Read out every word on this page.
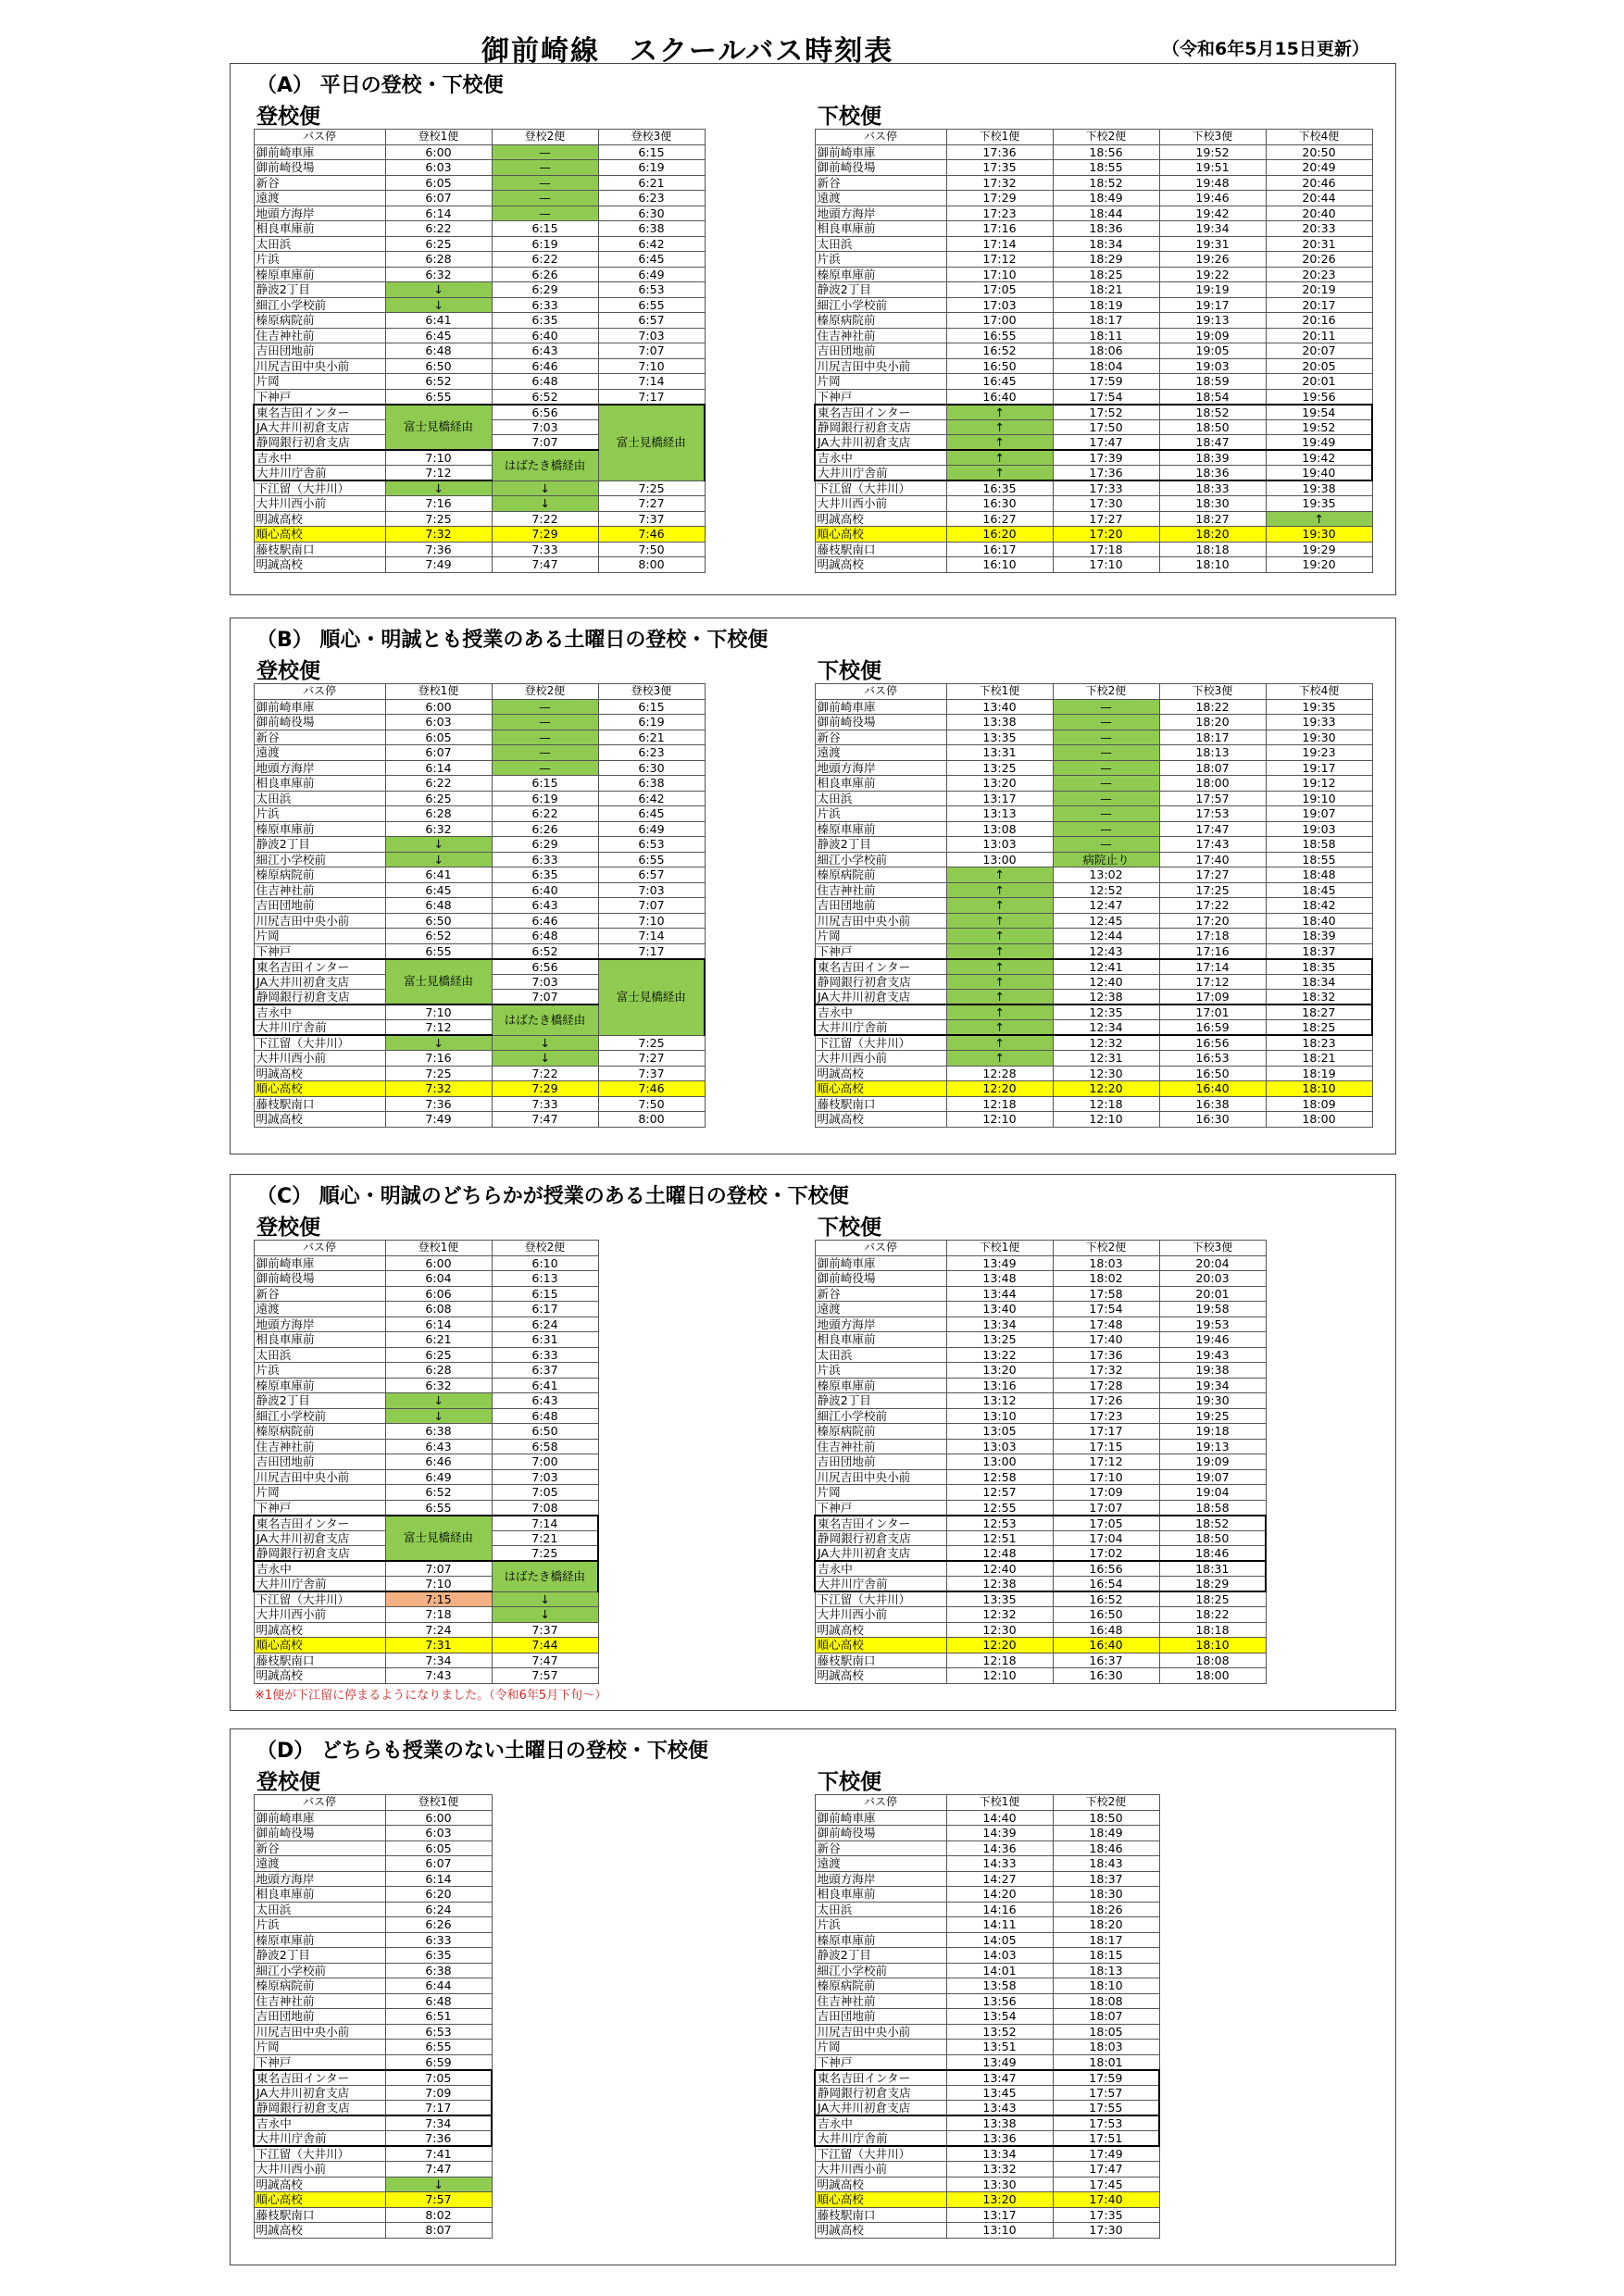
御前崎線　スクールバス時刻表	（令和6年5月15日更新）
（A） 平日の登校・下校便
登校便	下校便
バス停	登校1便	登校2便	登校3便
御前崎車庫	6:00	—	6:15
御前崎役場	6:03	—	6:19
新谷	6:05	—	6:21
遠渡	6:07	—	6:23
地頭方海岸	6:14	—	6:30
相良車庫前	6:22	6:15	6:38
太田浜	6:25	6:19	6:42
片浜	6:28	6:22	6:45
榛原車庫前	6:32	6:26	6:49
静波2丁目	↓	6:29	6:53
細江小学校前	↓	6:33	6:55
榛原病院前	6:41	6:35	6:57
住吉神社前	6:45	6:40	7:03
吉田団地前	6:48	6:43	7:07
川尻吉田中央小前	6:50	6:46	7:10
片岡	6:52	6:48	7:14
下神戸	6:55	6:52	7:17
東名吉田インター	富士見橋経由	6:56	富士見橋経由
JA大井川初倉支店		7:03	
静岡銀行初倉支店		7:07	
吉永中	7:10	はばたき橋経由	
大井川庁舎前	7:12		
下江留（大井川）	↓	↓	7:25
大井川西小前	7:16	↓	7:27
明誠高校	7:25	7:22	7:37
順心高校	7:32	7:29	7:46
藤枝駅南口	7:36	7:33	7:50
明誠高校	7:49	7:47	8:00
バス停	下校1便	下校2便	下校3便	下校4便
御前崎車庫	17:36	18:56	19:52	20:50
御前崎役場	17:35	18:55	19:51	20:49
新谷	17:32	18:52	19:48	20:46
遠渡	17:29	18:49	19:46	20:44
地頭方海岸	17:23	18:44	19:42	20:40
相良車庫前	17:16	18:36	19:34	20:33
太田浜	17:14	18:34	19:31	20:31
片浜	17:12	18:29	19:26	20:26
榛原車庫前	17:10	18:25	19:22	20:23
静波2丁目	17:05	18:21	19:19	20:19
細江小学校前	17:03	18:19	19:17	20:17
榛原病院前	17:00	18:17	19:13	20:16
住吉神社前	16:55	18:11	19:09	20:11
吉田団地前	16:52	18:06	19:05	20:07
川尻吉田中央小前	16:50	18:04	19:03	20:05
片岡	16:45	17:59	18:59	20:01
下神戸	16:40	17:54	18:54	19:56
東名吉田インター	↑	17:52	18:52	19:54
静岡銀行初倉支店	↑	17:50	18:50	19:52
JA大井川初倉支店	↑	17:47	18:47	19:49
吉永中	↑	17:39	18:39	19:42
大井川庁舎前	↑	17:36	18:36	19:40
下江留（大井川）	16:35	17:33	18:33	19:38
大井川西小前	16:30	17:30	18:30	19:35
明誠高校	16:27	17:27	18:27	↑
順心高校	16:20	17:20	18:20	19:30
藤枝駅南口	16:17	17:18	18:18	19:29
明誠高校	16:10	17:10	18:10	19:20
（B） 順心・明誠とも授業のある土曜日の登校・下校便
登校便	下校便
バス停	登校1便	登校2便	登校3便
御前崎車庫	6:00	—	6:15
御前崎役場	6:03	—	6:19
新谷	6:05	—	6:21
遠渡	6:07	—	6:23
地頭方海岸	6:14	—	6:30
相良車庫前	6:22	6:15	6:38
太田浜	6:25	6:19	6:42
片浜	6:28	6:22	6:45
榛原車庫前	6:32	6:26	6:49
静波2丁目	↓	6:29	6:53
細江小学校前	↓	6:33	6:55
榛原病院前	6:41	6:35	6:57
住吉神社前	6:45	6:40	7:03
吉田団地前	6:48	6:43	7:07
川尻吉田中央小前	6:50	6:46	7:10
片岡	6:52	6:48	7:14
下神戸	6:55	6:52	7:17
東名吉田インター	富士見橋経由	6:56	富士見橋経由
JA大井川初倉支店		7:03	
静岡銀行初倉支店		7:07	
吉永中	7:10	はばたき橋経由	
大井川庁舎前	7:12		
下江留（大井川）	↓	↓	7:25
大井川西小前	7:16	↓	7:27
明誠高校	7:25	7:22	7:37
順心高校	7:32	7:29	7:46
藤枝駅南口	7:36	7:33	7:50
明誠高校	7:49	7:47	8:00
バス停	下校1便	下校2便	下校3便	下校4便
御前崎車庫	13:40	—	18:22	19:35
御前崎役場	13:38	—	18:20	19:33
新谷	13:35	—	18:17	19:30
遠渡	13:31	—	18:13	19:23
地頭方海岸	13:25	—	18:07	19:17
相良車庫前	13:20	—	18:00	19:12
太田浜	13:17	—	17:57	19:10
片浜	13:13	—	17:53	19:07
榛原車庫前	13:08	—	17:47	19:03
静波2丁目	13:03	—	17:43	18:58
細江小学校前	13:00	病院止り	17:40	18:55
榛原病院前	↑	13:02	17:27	18:48
住吉神社前	↑	12:52	17:25	18:45
吉田団地前	↑	12:47	17:22	18:42
川尻吉田中央小前	↑	12:45	17:20	18:40
片岡	↑	12:44	17:18	18:39
下神戸	↑	12:43	17:16	18:37
東名吉田インター	↑	12:41	17:14	18:35
静岡銀行初倉支店	↑	12:40	17:12	18:34
JA大井川初倉支店	↑	12:38	17:09	18:32
吉永中	↑	12:35	17:01	18:27
大井川庁舎前	↑	12:34	16:59	18:25
下江留（大井川）	↑	12:32	16:56	18:23
大井川西小前	↑	12:31	16:53	18:21
明誠高校	12:28	12:30	16:50	18:19
順心高校	12:20	12:20	16:40	18:10
藤枝駅南口	12:18	12:18	16:38	18:09
明誠高校	12:10	12:10	16:30	18:00
（C） 順心・明誠のどちらかが授業のある土曜日の登校・下校便
登校便	下校便
バス停	登校1便	登校2便
御前崎車庫	6:00	6:10
御前崎役場	6:04	6:13
新谷	6:06	6:15
遠渡	6:08	6:17
地頭方海岸	6:14	6:24
相良車庫前	6:21	6:31
太田浜	6:25	6:33
片浜	6:28	6:37
榛原車庫前	6:32	6:41
静波2丁目	↓	6:43
細江小学校前	↓	6:48
榛原病院前	6:38	6:50
住吉神社前	6:43	6:58
吉田団地前	6:46	7:00
川尻吉田中央小前	6:49	7:03
片岡	6:52	7:05
下神戸	6:55	7:08
東名吉田インター	富士見橋経由	7:14
JA大井川初倉支店		7:21
静岡銀行初倉支店		7:25
吉永中	7:07	はばたき橋経由
大井川庁舎前	7:10	
下江留（大井川）	7:15	↓
大井川西小前	7:18	↓
明誠高校	7:24	7:37
順心高校	7:31	7:44
藤枝駅南口	7:34	7:47
明誠高校	7:43	7:57
バス停	下校1便	下校2便	下校3便
御前崎車庫	13:49	18:03	20:04
御前崎役場	13:48	18:02	20:03
新谷	13:44	17:58	20:01
遠渡	13:40	17:54	19:58
地頭方海岸	13:34	17:48	19:53
相良車庫前	13:25	17:40	19:46
太田浜	13:22	17:36	19:43
片浜	13:20	17:32	19:38
榛原車庫前	13:16	17:28	19:34
静波2丁目	13:12	17:26	19:30
細江小学校前	13:10	17:23	19:25
榛原病院前	13:05	17:17	19:18
住吉神社前	13:03	17:15	19:13
吉田団地前	13:00	17:12	19:09
川尻吉田中央小前	12:58	17:10	19:07
片岡	12:57	17:09	19:04
下神戸	12:55	17:07	18:58
東名吉田インター	12:53	17:05	18:52
静岡銀行初倉支店	12:51	17:04	18:50
JA大井川初倉支店	12:48	17:02	18:46
吉永中	12:40	16:56	18:31
大井川庁舎前	12:38	16:54	18:29
下江留（大井川）	13:35	16:52	18:25
大井川西小前	12:32	16:50	18:22
明誠高校	12:30	16:48	18:18
順心高校	12:20	16:40	18:10
藤枝駅南口	12:18	16:37	18:08
明誠高校	12:10	16:30	18:00
※1便が下江留に停まるようになりました。（令和6年5月下旬～）
（D） どちらも授業のない土曜日の登校・下校便
登校便	下校便
バス停	登校1便
御前崎車庫	6:00
御前崎役場	6:03
新谷	6:05
遠渡	6:07
地頭方海岸	6:14
相良車庫前	6:20
太田浜	6:24
片浜	6:26
榛原車庫前	6:33
静波2丁目	6:35
細江小学校前	6:38
榛原病院前	6:44
住吉神社前	6:48
吉田団地前	6:51
川尻吉田中央小前	6:53
片岡	6:55
下神戸	6:59
東名吉田インター	7:05
JA大井川初倉支店	7:09
静岡銀行初倉支店	7:17
吉永中	7:34
大井川庁舎前	7:36
下江留（大井川）	7:41
大井川西小前	7:47
明誠高校	↓
順心高校	7:57
藤枝駅南口	8:02
明誠高校	8:07
バス停	下校1便	下校2便
御前崎車庫	14:40	18:50
御前崎役場	14:39	18:49
新谷	14:36	18:46
遠渡	14:33	18:43
地頭方海岸	14:27	18:37
相良車庫前	14:20	18:30
太田浜	14:16	18:26
片浜	14:11	18:20
榛原車庫前	14:05	18:17
静波2丁目	14:03	18:15
細江小学校前	14:01	18:13
榛原病院前	13:58	18:10
住吉神社前	13:56	18:08
吉田団地前	13:54	18:07
川尻吉田中央小前	13:52	18:05
片岡	13:51	18:03
下神戸	13:49	18:01
東名吉田インター	13:47	17:59
静岡銀行初倉支店	13:45	17:57
JA大井川初倉支店	13:43	17:55
吉永中	13:38	17:53
大井川庁舎前	13:36	17:51
下江留（大井川）	13:34	17:49
大井川西小前	13:32	17:47
明誠高校	13:30	17:45
順心高校	13:20	17:40
藤枝駅南口	13:17	17:35
明誠高校	13:10	17:30
